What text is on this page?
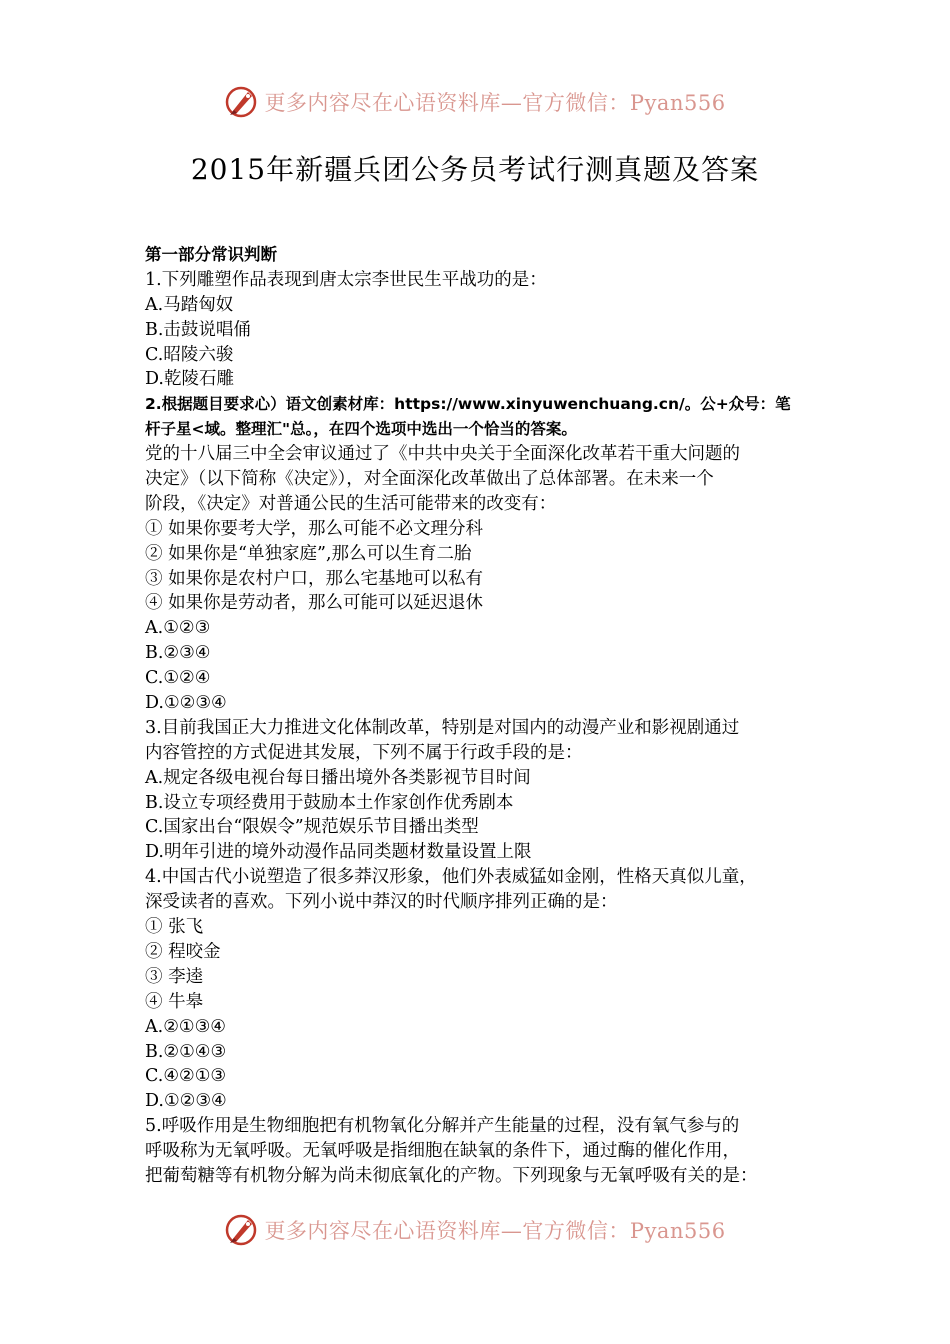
更多内容尽在心语资料库—官方微信：Pyan556
2015年新疆兵团公务员考试行测真题及答案
第一部分常识判断
1.下列雕塑作品表现到唐太宗李世民生平战功的是：
A.马踏匈奴
B.击鼓说唱俑
C.昭陵六骏
D.乾陵石雕
2.根据题目要求心）语文创素材库：https://www.xinyuwenchuang.cn/。公+众号：笔
杆子星<域。整理汇"总。，在四个选项中选出一个恰当的答案。
党的十八届三中全会审议通过了《中共中央关于全面深化改革若干重大问题的
决定》（以下简称《决定》），对全面深化改革做出了总体部署。在未来一个
阶段，《决定》对普通公民的生活可能带来的改变有：
① 如果你要考大学，那么可能不必文理分科
② 如果你是“单独家庭”,那么可以生育二胎
③ 如果你是农村户口，那么宅基地可以私有
④ 如果你是劳动者，那么可能可以延迟退休
A.①②③
B.②③④
C.①②④
D.①②③④
3.目前我国正大力推进文化体制改革，特别是对国内的动漫产业和影视剧通过
内容管控的方式促进其发展，下列不属于行政手段的是：
A.规定各级电视台每日播出境外各类影视节目时间
B.设立专项经费用于鼓励本土作家创作优秀剧本
C.国家出台“限娱令”规范娱乐节目播出类型
D.明年引进的境外动漫作品同类题材数量设置上限
4.中国古代小说塑造了很多莽汉形象，他们外表威猛如金刚，性格天真似儿童，
深受读者的喜欢。下列小说中莽汉的时代顺序排列正确的是：
① 张飞
② 程咬金
③ 李逵
④ 牛皋
A.②①③④
B.②①④③
C.④②①③
D.①②③④
5.呼吸作用是生物细胞把有机物氧化分解并产生能量的过程，没有氧气参与的
呼吸称为无氧呼吸。无氧呼吸是指细胞在缺氧的条件下，通过酶的催化作用，
把葡萄糖等有机物分解为尚未彻底氧化的产物。下列现象与无氧呼吸有关的是：
更多内容尽在心语资料库—官方微信：Pyan556
